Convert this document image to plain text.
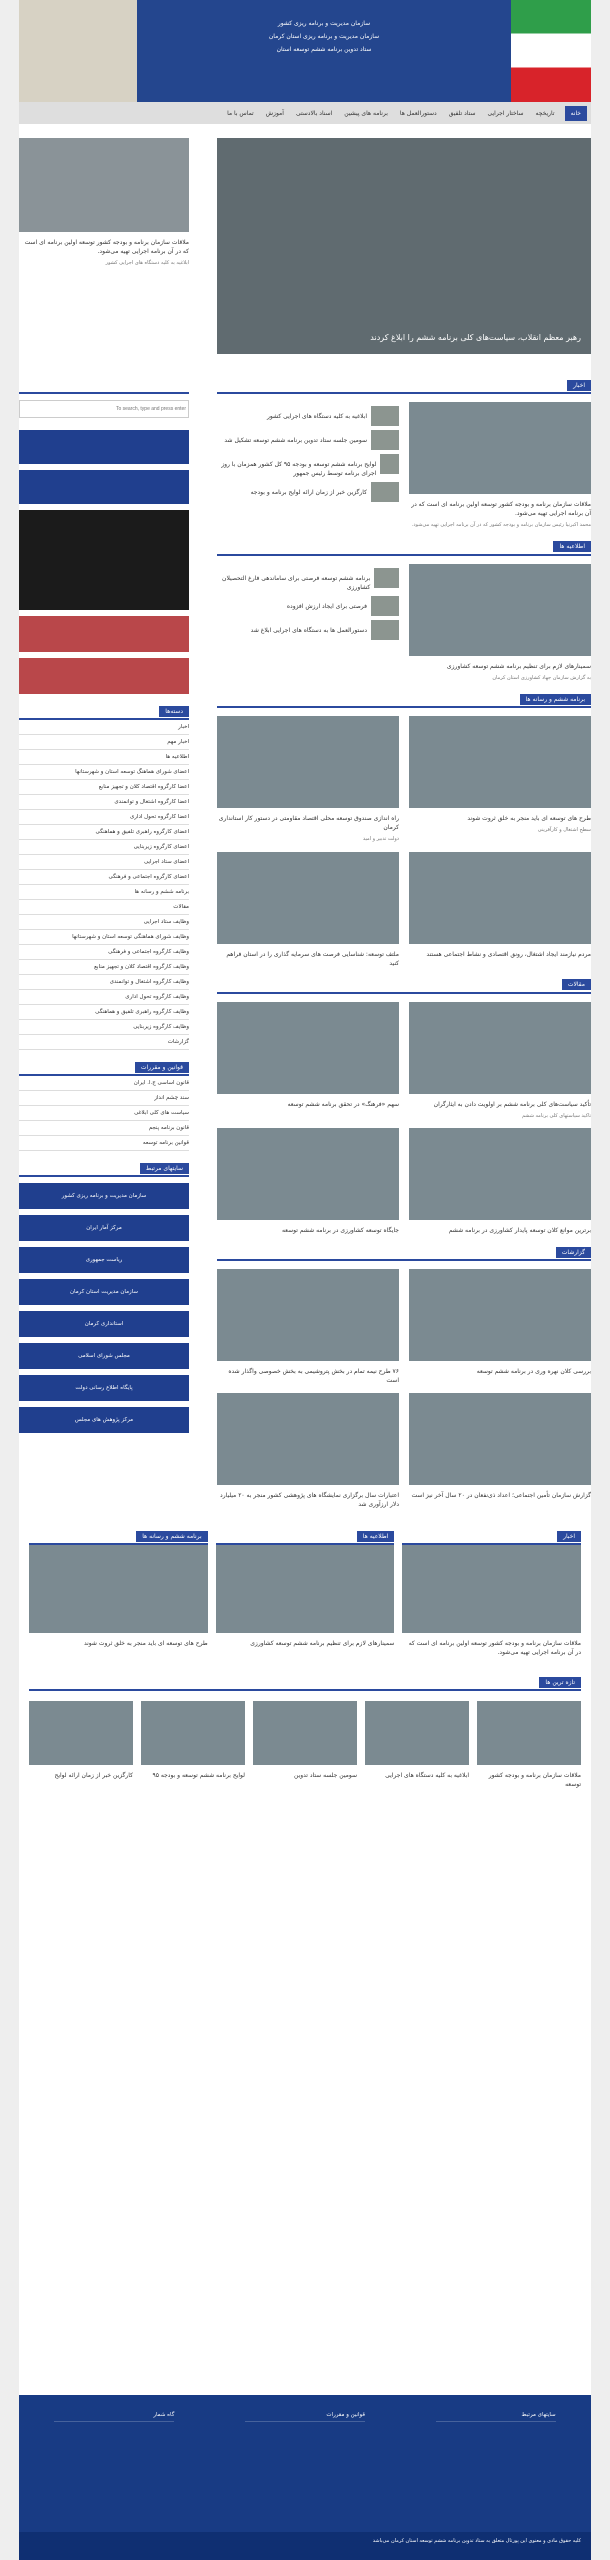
سازمان مدیریت و برنامه ریزی کشور
سازمان مدیریت و برنامه ریزی استان کرمان
ستاد تدوین برنامه ششم توسعه استان
خانه
تاریخچه
ساختار اجرایی
ستاد تلفیق
دستورالعمل ها
برنامه های پیشین
اسناد بالادستی
آموزش
تماس با ما
رهبر معظم انقلاب، سیاست‌های کلی برنامه ششم را ابلاغ کردند
ملاقات سازمان برنامه و بودجه کشور توسعه اولین برنامه ای است که در آن برنامه اجرایی تهیه می‌شود.
ابلاغیه به کلیه دستگاه های اجرایی کشور
اخبار
ملاقات سازمان برنامه و بودجه کشور توسعه اولین برنامه ای است که در آن برنامه اجرایی تهیه می‌شود.
محمد اکبرنیا رئیس سازمان برنامه و بودجه کشور که در آن برنامه اجرایی تهیه می‌شود.
ابلاغیه به کلیه دستگاه های اجرایی کشور
سومین جلسه ستاد تدوین برنامه ششم توسعه تشکیل شد
لوایح برنامه ششم توسعه و بودجه ۹۵ کل کشور همزمان با روز اجرای برنامه توسط رئیس جمهور
کارگزین خبر از زمان ارائه لوایح برنامه و بودجه
اطلاعیه ها
سمینارهای لازم برای تنظیم برنامه ششم توسعه کشاورزی
به گزارش سازمان جهاد کشاورزی استان کرمان
برنامه ششم توسعه فرصتی برای ساماندهی فارغ التحصیلان کشاورزی
فرصتی برای ایجاد ارزش افزوده
دستورالعمل ها به دستگاه های اجرایی ابلاغ شد
برنامه ششم و رسانه ها
طرح های توسعه ای باید منجر به خلق ثروت شوند
سطح اشتغال و کارآفرینی
راه اندازی صندوق توسعه محلی اقتصاد مقاومتی در دستور کار استانداری کرمان
دولت تدبیر و امید
مردم نیازمند ایجاد اشتغال، رونق اقتصادی و نشاط اجتماعی هستند
ملتف توسعه: شناسایی فرصت های سرمایه گذاری را در استان فراهم کنید
مقالات
تأکید سیاست‌های کلی برنامه ششم بر اولویت دادن به ایثارگران
تاکید سیاستهای کلی برنامه ششم
سهم «فرهنگ» در تحقق برنامه ششم توسعه
برترین موانع کلان توسعه پایدار کشاورزی در برنامه ششم
جایگاه توسعه کشاورزی در برنامه ششم توسعه
گزارشات
بررسی کلان نهره وری در برنامه ششم توسعه
۷۶ طرح نیمه تمام در بخش پتروشیمی به بخش خصوصی واگذار شده است
گزارش سازمان تأمین اجتماعی؛ اعداد ذی‌نفعان در ۲۰ سال آخر نیز است
اعتبارات سال برگزاری نمایشگاه های پژوهشی کشور منجر به ۲۰ میلیارد دلار ارزآوری شد
To search, type and press enter
دسته‌ها
اخبار
اخبار مهم
اطلاعیه ها
اعضای شورای هماهنگ توسعه استان و شهرستانها
اعضا کارگروه اقتصاد کلان و تجهیز منابع
اعضا کارگروه اشتغال و توانمندی
اعضا کارگروه تحول اداری
اعضای کارگروه راهبری تلفیق و هماهنگی
اعضای کارگروه زیربنایی
اعضای ستاد اجرایی
اعضای کارگروه اجتماعی و فرهنگی
برنامه ششم و رسانه ها
مقالات
وظایف ستاد اجرایی
وظایف شورای هماهنگی توسعه استان و شهرستانها
وظایف کارگروه اجتماعی و فرهنگی
وظایف کارگروه اقتصاد کلان و تجهیز منابع
وظایف کارگروه اشتغال و توانمندی
وظایف کارگروه تحول اداری
وظایف کارگروه راهبری تلفیق و هماهنگی
وظایف کارگروه زیربنایی
گزارشات
قوانین و مقررات
قانون اساسی ج.ا. ایران
سند چشم انداز
سیاست های کلی ابلاغی
قانون برنامه پنجم
قوانین برنامه توسعه
سایتهای مرتبط
سازمان مدیریت و برنامه ریزی کشور
مرکز آمار ایران
ریاست جمهوری
سازمان مدیریت استان کرمان
استانداری کرمان
مجلس شورای اسلامی
پایگاه اطلاع رسانی دولت
مرکز پژوهش های مجلس
اخبار
ملاقات سازمان برنامه و بودجه کشور توسعه اولین برنامه ای است که در آن برنامه اجرایی تهیه می‌شود.
اطلاعیه ها
سمینارهای لازم برای تنظیم برنامه ششم توسعه کشاورزی
برنامه ششم و رسانه ها
طرح های توسعه ای باید منجر به خلق ثروت شوند
تازه ترین ها
ملاقات سازمان برنامه و بودجه کشور توسعه
ابلاغیه به کلیه دستگاه های اجرایی
سومین جلسه ستاد تدوین
لوایح برنامه ششم توسعه و بودجه ۹۵
کارگزین خبر از زمان ارائه لوایح
سایتهای مرتبط
قوانین و مقررات
گاه شمار
کلیه حقوق مادی و معنوی این پورتال متعلق به ستاد تدوین برنامه ششم توسعه استان کرمان می‌باشد
